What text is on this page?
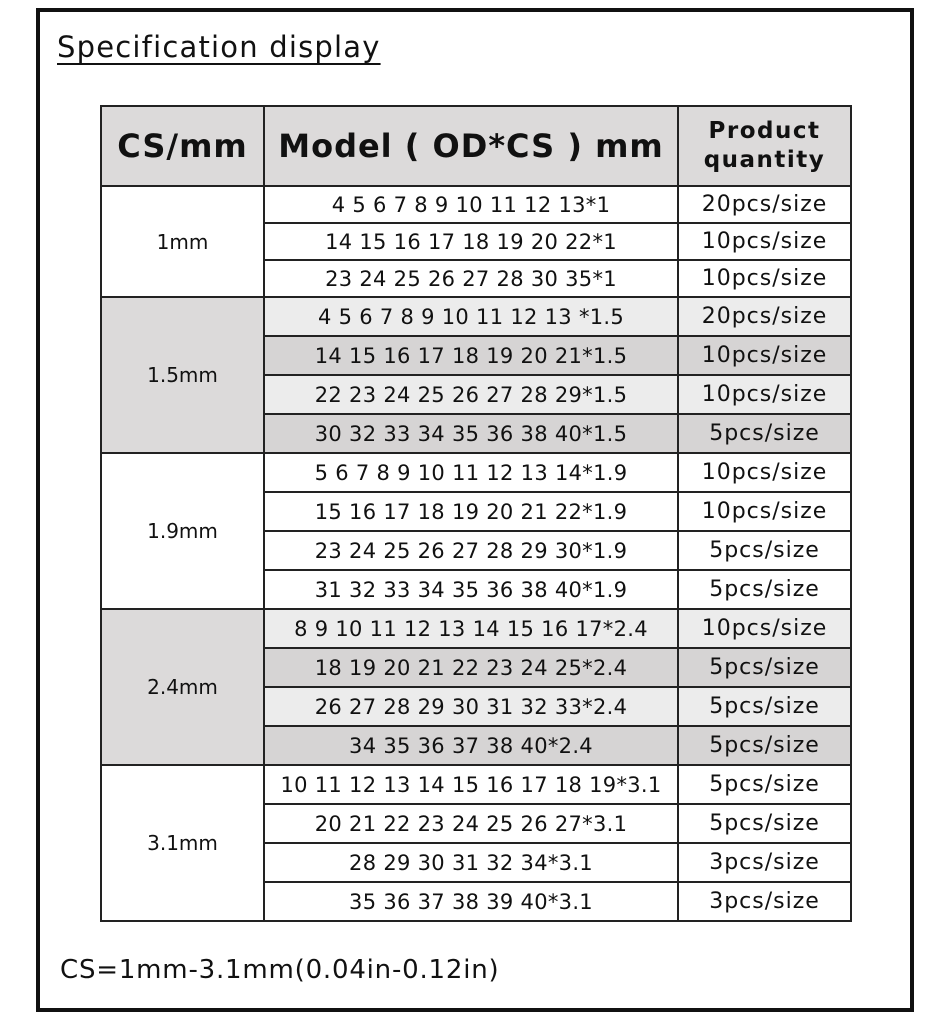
Specification display
CS/mm	Model ( OD*CS ) mm	Product
quantity
1mm	4 5 6 7 8 9 10 11 12 13*1	20pcs/size
	14 15 16 17 18 19 20 22*1	10pcs/size
	23 24 25 26 27 28 30 35*1	10pcs/size
1.5mm	4 5 6 7 8 9 10 11 12 13 *1.5	20pcs/size
	14 15 16 17 18 19 20 21*1.5	10pcs/size
	22 23 24 25 26 27 28 29*1.5	10pcs/size
	30 32 33 34 35 36 38 40*1.5	5pcs/size
1.9mm	5 6 7 8 9 10 11 12 13 14*1.9	10pcs/size
	15 16 17 18 19 20 21 22*1.9	10pcs/size
	23 24 25 26 27 28 29 30*1.9	5pcs/size
	31 32 33 34 35 36 38 40*1.9	5pcs/size
2.4mm	8 9 10 11 12 13 14 15 16 17*2.4	10pcs/size
	18 19 20 21 22 23 24 25*2.4	5pcs/size
	26 27 28 29 30 31 32 33*2.4	5pcs/size
	34 35 36 37 38 40*2.4	5pcs/size
3.1mm	10 11 12 13 14 15 16 17 18 19*3.1	5pcs/size
	20 21 22 23 24 25 26 27*3.1	5pcs/size
	28 29 30 31 32 34*3.1	3pcs/size
	35 36 37 38 39 40*3.1	3pcs/size
CS=1mm-3.1mm(0.04in-0.12in)
